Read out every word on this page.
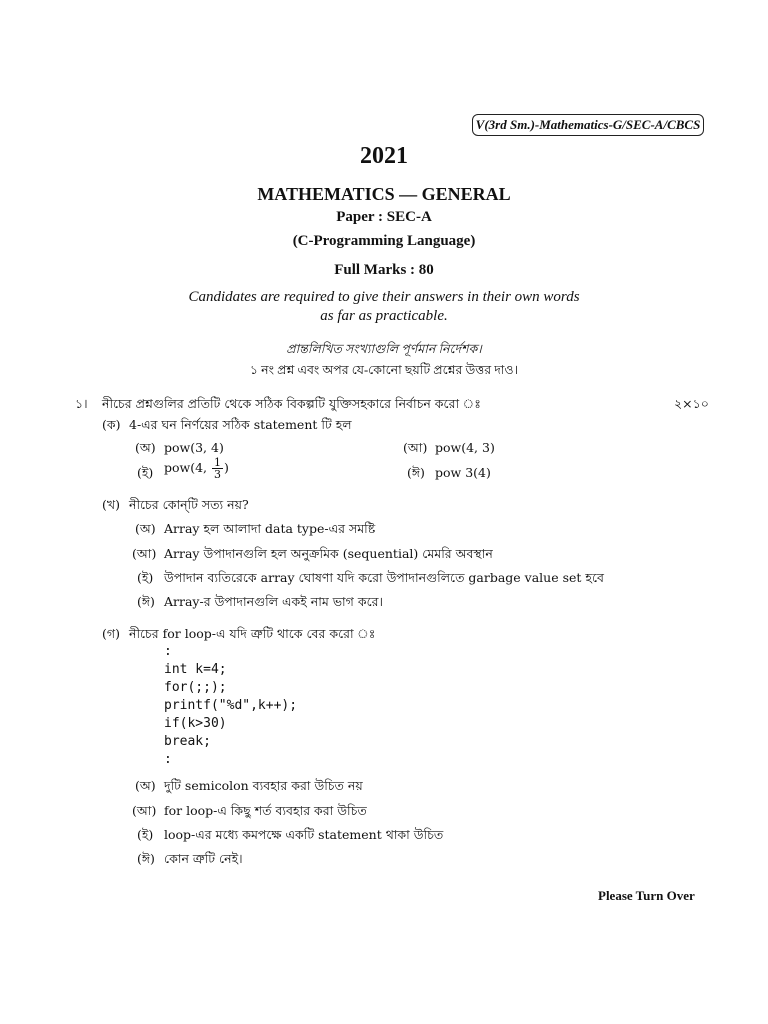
V(3rd Sm.)-Mathematics-G/SEC-A/CBCS
2021
MATHEMATICS — GENERAL
Paper : SEC-A
(C-Programming Language)
Full Marks : 80
Candidates are required to give their answers in their own words
as far as practicable.
প্রান্তলিখিত সংখ্যাগুলি পূর্ণমান নির্দেশক।
১ নং প্রশ্ন এবং অপর যে-কোনো ছয়টি প্রশ্নের উত্তর দাও।
১। নীচের প্রশ্নগুলির প্রতিটি থেকে সঠিক বিকল্পটি যুক্তিসহকারে নির্বাচন করো ঃ	২×১০
(ক) 4-এর ঘন নির্ণয়ের সঠিক statement টি হল
(অ) pow(3, 4)	(আ) pow(4, 3)
(ই) pow(4, $\frac{1}{3}$ )	(ঈ) pow 3(4)
(খ) নীচের কোন্‌টি সত্য নয়?
(অ) Array হল আলাদা data type-এর সমষ্টি
(আ) Array উপাদানগুলি হল অনুক্রমিক (sequential) মেমরি অবস্থান
(ই) উপাদান ব্যতিরেকে array ঘোষণা যদি করো উপাদানগুলিতে garbage value set হবে
(ঈ) Array-র উপাদানগুলি একই নাম ভাগ করে।
(গ) নীচের for loop-এ যদি ত্রুটি থাকে বের করো ঃ
:
int k=4;
for(;;);
printf("%d",k++);
if(k>30)
break;
:
(অ) দুটি semicolon ব্যবহার করা উচিত নয়
(আ) for loop-এ কিছু শর্ত ব্যবহার করা উচিত
(ই) loop-এর মধ্যে কমপক্ষে একটি statement থাকা উচিত
(ঈ) কোন ত্রুটি নেই।
Please Turn Over
